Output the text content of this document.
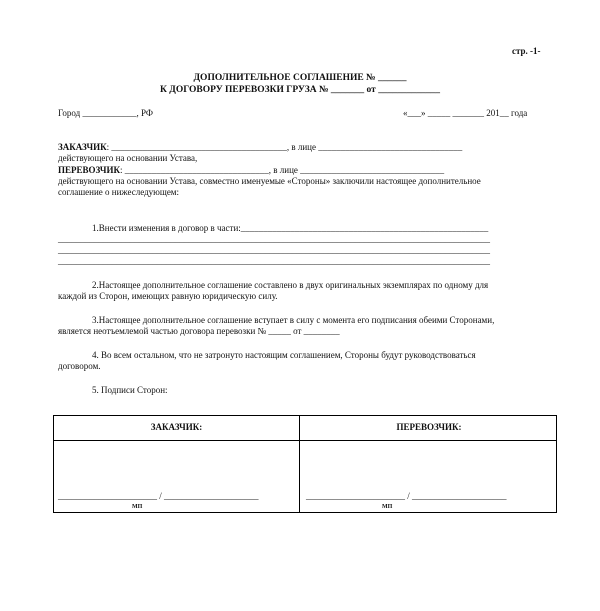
стр. -1-
ДОПОЛНИТЕЛЬНОЕ СОГЛАШЕНИЕ № ______
К ДОГОВОРУ ПЕРЕВОЗКИ ГРУЗА № _______ от _____________
Город ____________, РФ	«___» _____ _______ 201__ года
ЗАКАЗЧИК: _______________________________________, в лице ________________________________
действующего на основании Устава,
ПЕРЕВОЗЧИК: ________________________________, в лице ________________________________
действующего на основании Устава, совместно именуемые «Стороны» заключили настоящее дополнительное
соглашение о нижеследующем:
1.Внести изменения в договор в части:_______________________________________________________
________________________________________________________________________________________________
________________________________________________________________________________________________
________________________________________________________________________________________________
2.Настоящее дополнительное соглашение составлено в двух оригинальных экземплярах по одному для
каждой из Сторон, имеющих равную юридическую силу.
3.Настоящее дополнительное соглашение вступает в силу с момента его подписания обеими Сторонами,
является неотъемлемой частью договора перевозки № _____ от ________
4. Во всем остальном, что не затронуто настоящим соглашением, Стороны будут руководствоваться
договором.
5. Подписи Сторон:
ЗАКАЗЧИК:	ПЕРЕВОЗЧИК:
______________________ / _____________________	______________________ / _____________________
МП	МП
